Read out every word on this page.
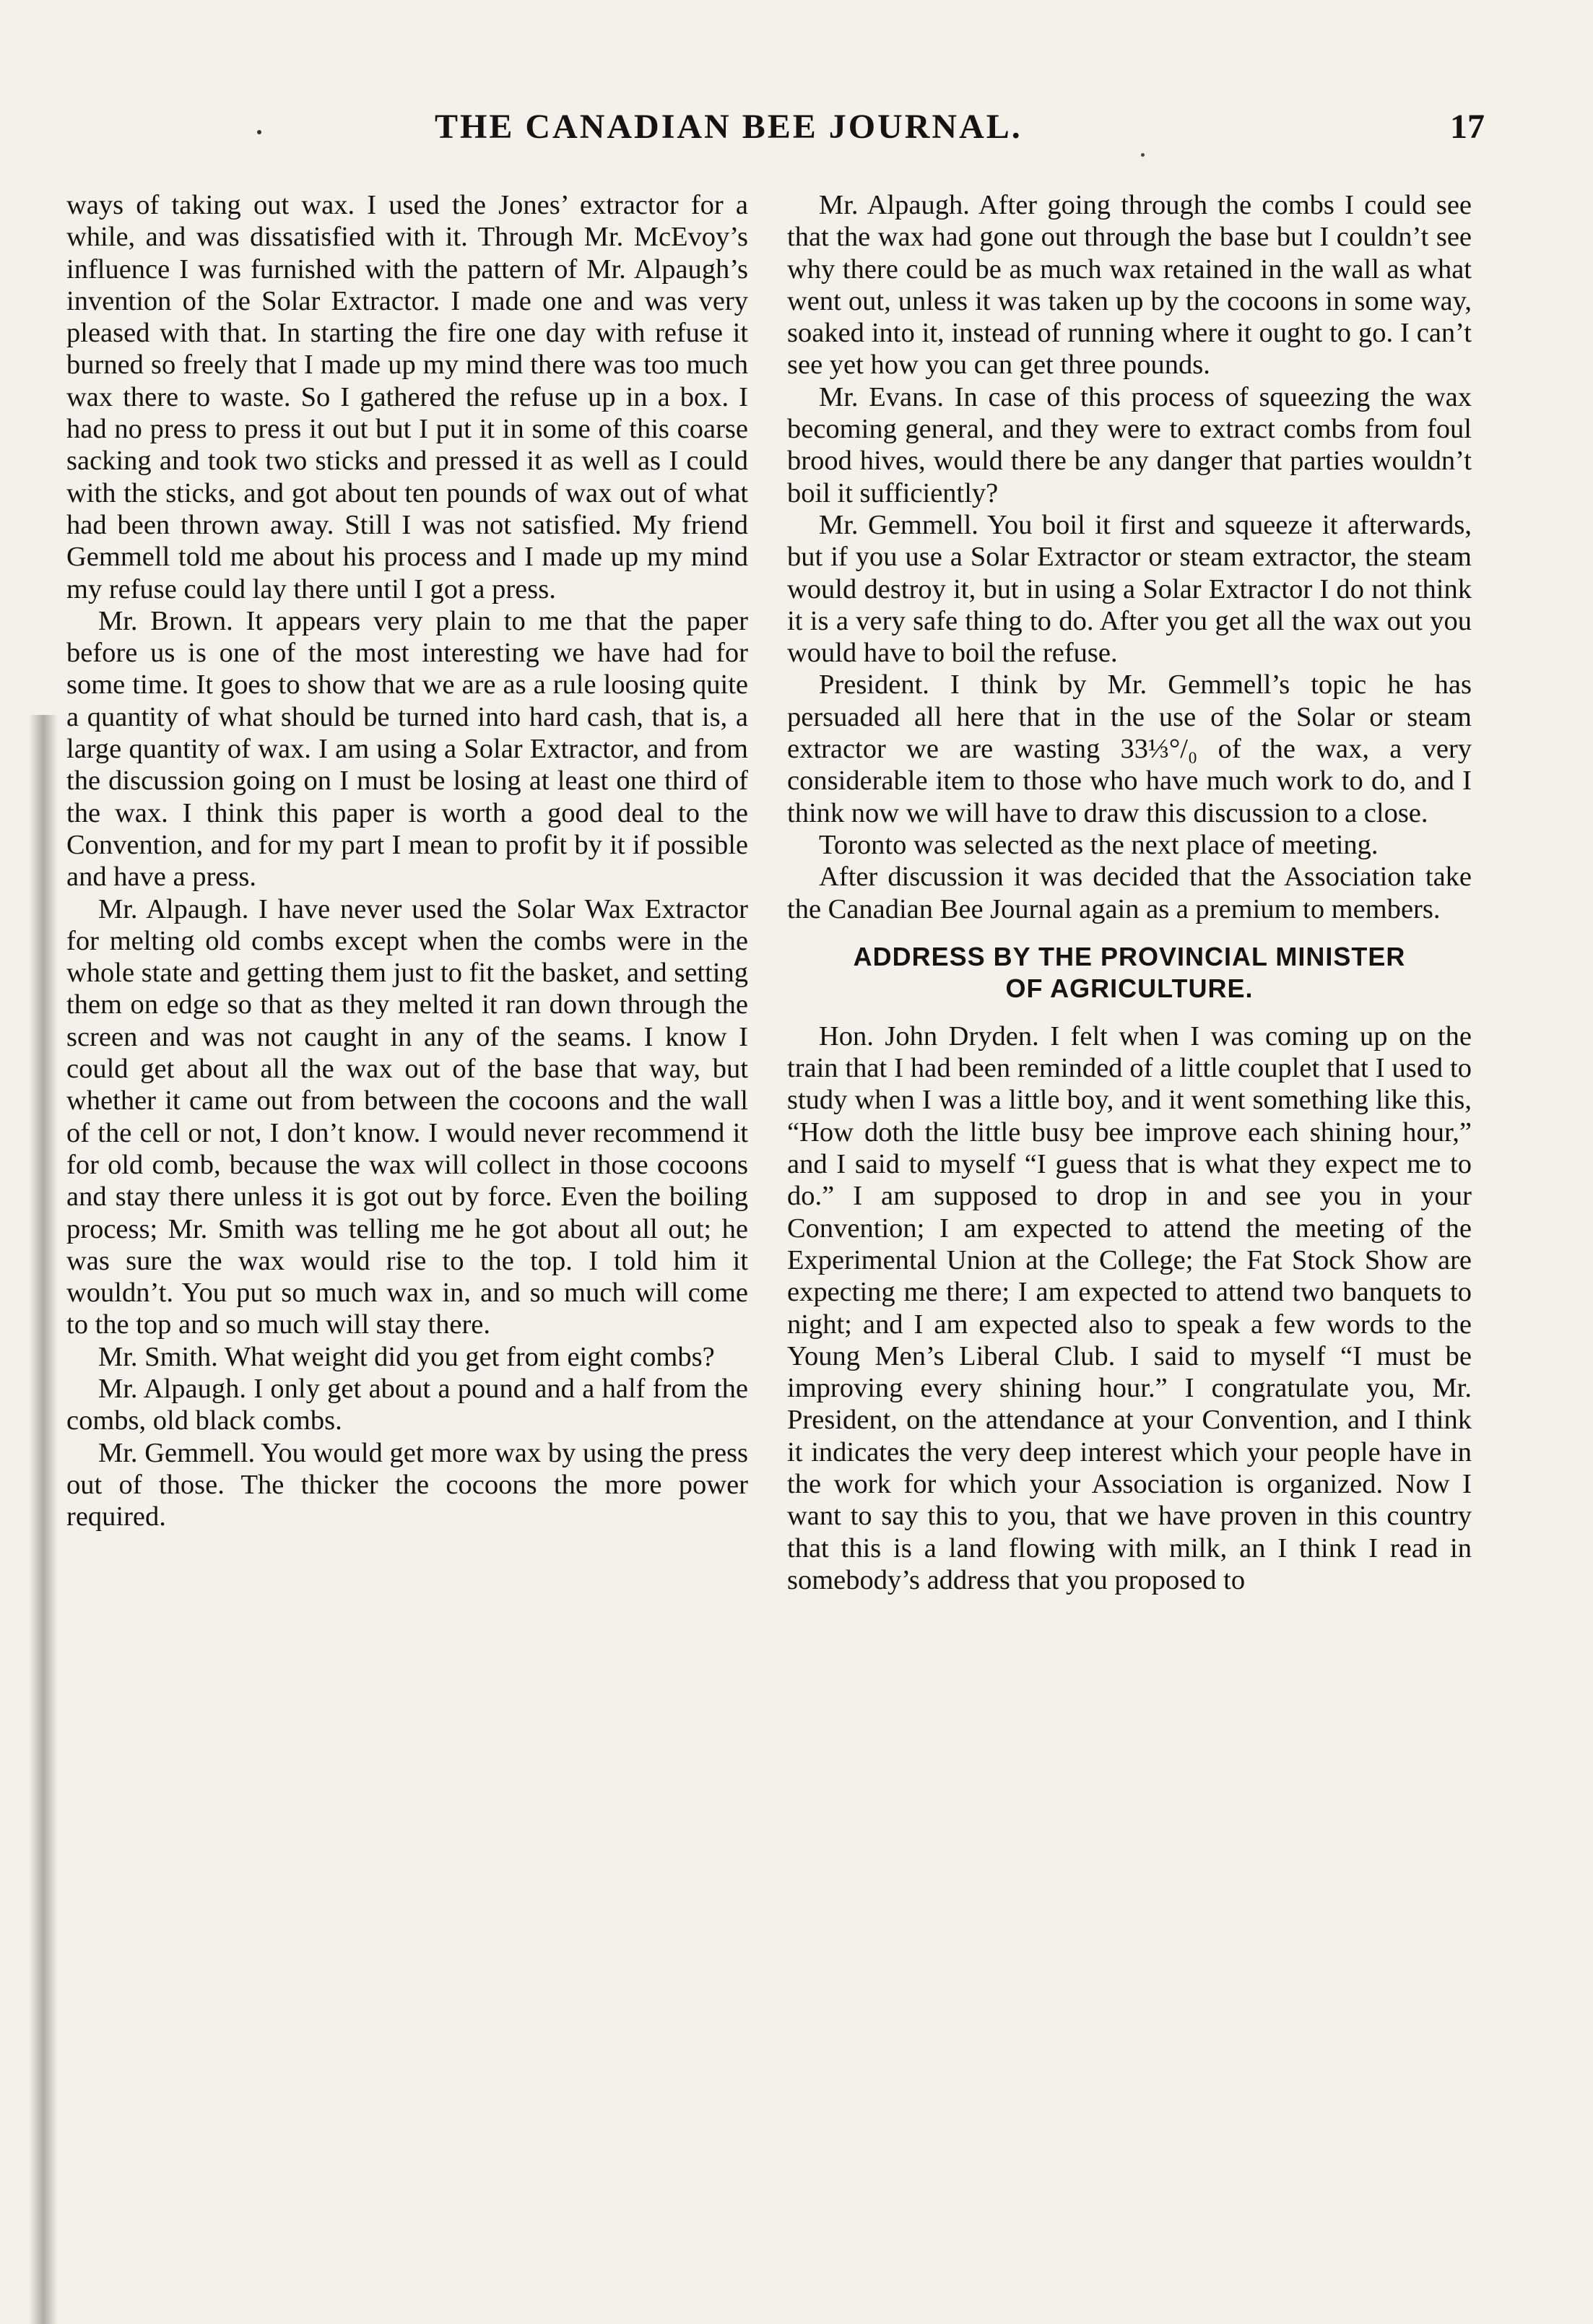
THE CANADIAN BEE JOURNAL.	17

ways of taking out wax. I used the Jones’ extractor for a while, and was dissatisfied with it. Through Mr. McEvoy’s influence I was furnished with the pattern of Mr. Alpaugh’s invention of the Solar Extractor. I made one and was very pleased with that. In starting the fire one day with refuse it burned so freely that I made up my mind there was too much wax there to waste. So I gathered the refuse up in a box. I had no press to press it out but I put it in some of this coarse sacking and took two sticks and pressed it as well as I could with the sticks, and got about ten pounds of wax out of what had been thrown away. Still I was not satisfied. My friend Gemmell told me about his process and I made up my mind my refuse could lay there until I got a press.

Mr. Brown. It appears very plain to me that the paper before us is one of the most interesting we have had for some time. It goes to show that we are as a rule loosing quite a quantity of what should be turned into hard cash, that is, a large quantity of wax. I am using a Solar Extractor, and from the discussion going on I must be losing at least one third of the wax. I think this paper is worth a good deal to the Convention, and for my part I mean to profit by it if possible and have a press.

Mr. Alpaugh. I have never used the Solar Wax Extractor for melting old combs except when the combs were in the whole state and getting them just to fit the basket, and setting them on edge so that as they melted it ran down through the screen and was not caught in any of the seams. I know I could get about all the wax out of the base that way, but whether it came out from between the cocoons and the wall of the cell or not, I don’t know. I would never recommend it for old comb, because the wax will collect in those cocoons and stay there unless it is got out by force. Even the boiling process; Mr. Smith was telling me he got about all out; he was sure the wax would rise to the top. I told him it wouldn’t. You put so much wax in, and so much will come to the top and so much will stay there.

Mr. Smith. What weight did you get from eight combs?

Mr. Alpaugh. I only get about a pound and a half from the combs, old black combs.

Mr. Gemmell. You would get more wax by using the press out of those. The thicker the cocoons the more power required.

Mr. Alpaugh. After going through the combs I could see that the wax had gone out through the base but I couldn’t see why there could be as much wax retained in the wall as what went out, unless it was taken up by the cocoons in some way, soaked into it, instead of running where it ought to go. I can’t see yet how you can get three pounds.

Mr. Evans. In case of this process of squeezing the wax becoming general, and they were to extract combs from foul brood hives, would there be any danger that parties wouldn’t boil it sufficiently?

Mr. Gemmell. You boil it first and squeeze it afterwards, but if you use a Solar Extractor or steam extractor, the steam would destroy it, but in using a Solar Extractor I do not think it is a very safe thing to do. After you get all the wax out you would have to boil the refuse.

President. I think by Mr. Gemmell’s topic he has persuaded all here that in the use of the Solar or steam extractor we are wasting 33⅓°/₀ of the wax, a very considerable item to those who have much work to do, and I think now we will have to draw this discussion to a close.

Toronto was selected as the next place of meeting.

After discussion it was decided that the Association take the Canadian Bee Journal again as a premium to members.

ADDRESS BY THE PROVINCIAL MINISTER
OF AGRICULTURE.

Hon. John Dryden. I felt when I was coming up on the train that I had been reminded of a little couplet that I used to study when I was a little boy, and it went something like this, “How doth the little busy bee improve each shining hour,” and I said to myself “I guess that is what they expect me to do.” I am supposed to drop in and see you in your Convention; I am expected to attend the meeting of the Experimental Union at the College; the Fat Stock Show are expecting me there; I am expected to attend two banquets to night; and I am expected also to speak a few words to the Young Men’s Liberal Club. I said to myself “I must be improving every shining hour.” I congratulate you, Mr. President, on the attendance at your Convention, and I think it indicates the very deep interest which your people have in the work for which your Association is organized. Now I want to say this to you, that we have proven in this country that this is a land flowing with milk, an I think I read in somebody’s address that you proposed to
